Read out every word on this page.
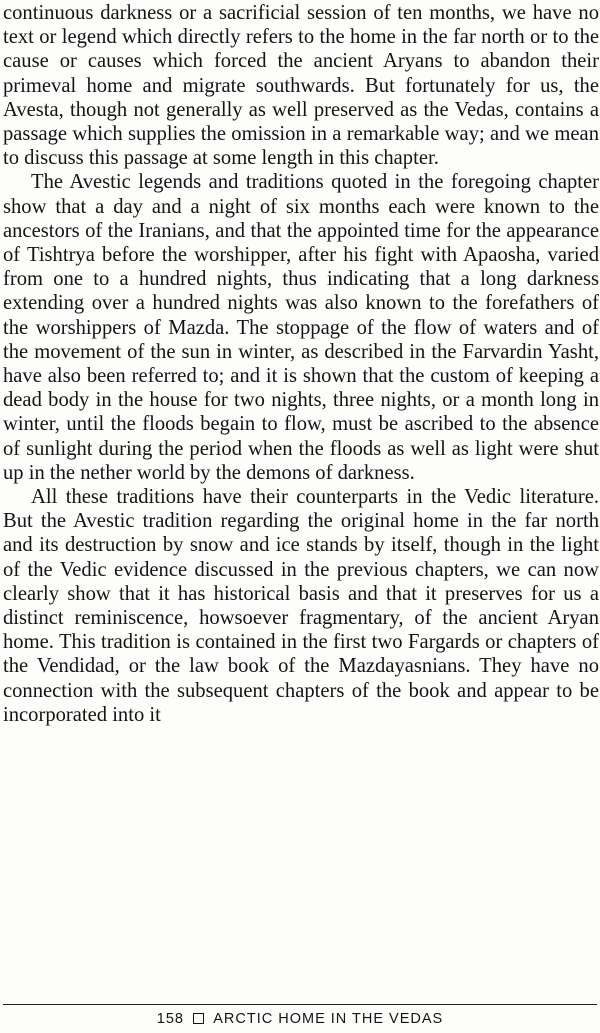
continuous darkness or a sacrificial session of ten months, we have no text or legend which directly refers to the home in the far north or to the cause or causes which forced the ancient Aryans to abandon their primeval home and migrate southwards. But fortunately for us, the Avesta, though not generally as well preserved as the Vedas, contains a passage which supplies the omission in a remarkable way; and we mean to discuss this passage at some length in this chapter.

The Avestic legends and traditions quoted in the foregoing chapter show that a day and a night of six months each were known to the ancestors of the Iranians, and that the appointed time for the appearance of Tishtrya before the worshipper, after his fight with Apaosha, varied from one to a hundred nights, thus indicating that a long darkness extending over a hundred nights was also known to the forefathers of the worshippers of Mazda. The stoppage of the flow of waters and of the movement of the sun in winter, as described in the Farvardin Yasht, have also been referred to; and it is shown that the custom of keeping a dead body in the house for two nights, three nights, or a month long in winter, until the floods begain to flow, must be ascribed to the absence of sunlight during the period when the floods as well as light were shut up in the nether world by the demons of darkness.

All these traditions have their counterparts in the Vedic literature. But the Avestic tradition regarding the original home in the far north and its destruction by snow and ice stands by itself, though in the light of the Vedic evidence discussed in the previous chapters, we can now clearly show that it has historical basis and that it preserves for us a distinct reminiscence, howsoever fragmentary, of the ancient Aryan home. This tradition is contained in the first two Fargards or chapters of the Vendidad, or the law book of the Mazdayasnians. They have no connection with the subsequent chapters of the book and appear to be incorporated into it

158 ARCTIC HOME IN THE VEDAS
